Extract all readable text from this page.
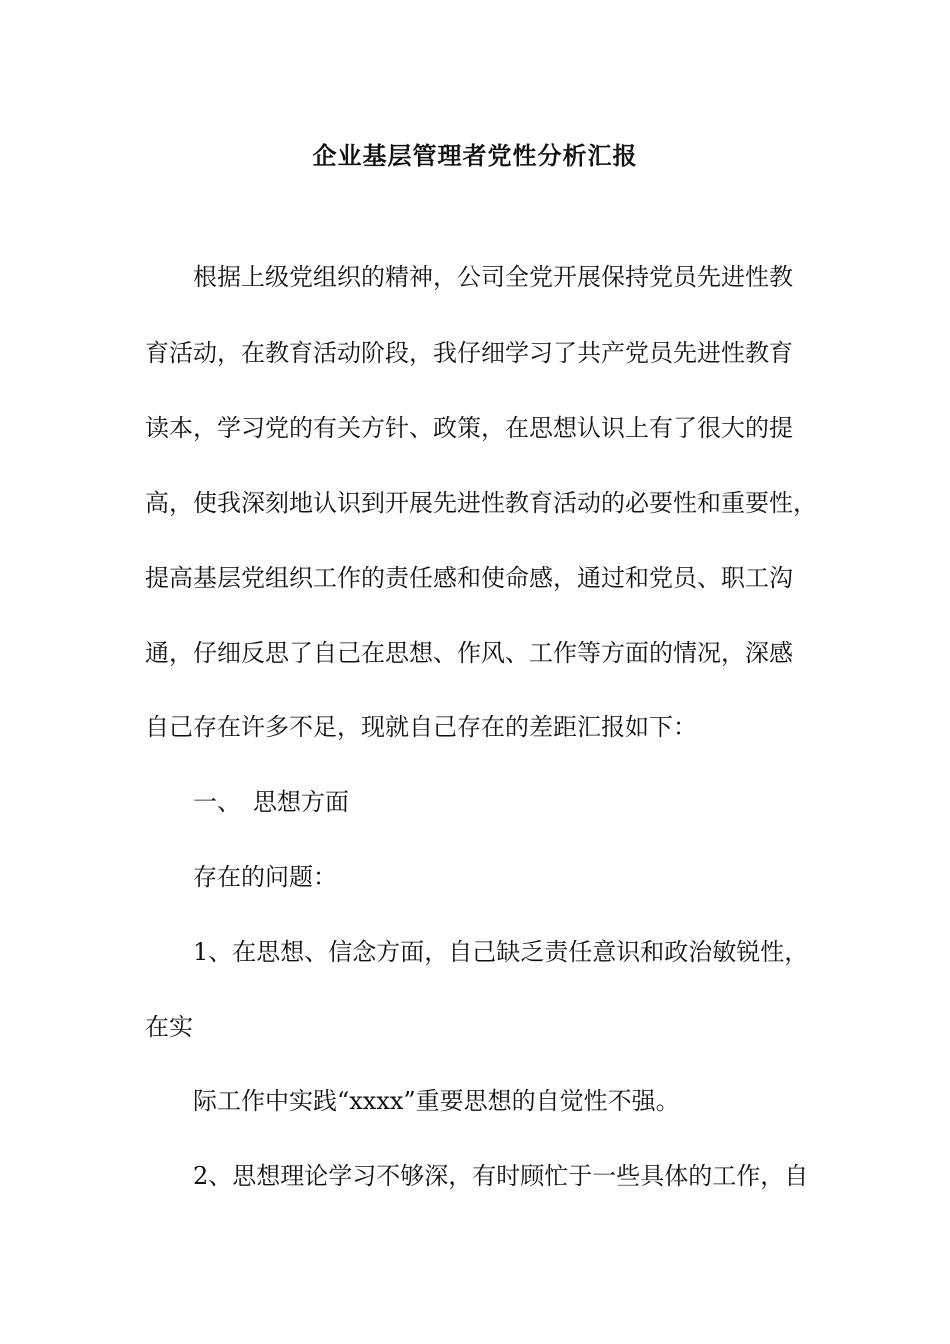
企业基层管理者党性分析汇报
根据上级党组织的精神，公司全党开展保持党员先进性教
育活动，在教育活动阶段，我仔细学习了共产党员先进性教育
读本，学习党的有关方针、政策，在思想认识上有了很大的提
高，使我深刻地认识到开展先进性教育活动的必要性和重要性，
提高基层党组织工作的责任感和使命感，通过和党员、职工沟
通，仔细反思了自己在思想、作风、工作等方面的情况，深感
自己存在许多不足，现就自己存在的差距汇报如下：
一、 思想方面
存在的问题：
1、在思想、信念方面，自己缺乏责任意识和政治敏锐性，
在实
际工作中实践“xxxx”重要思想的自觉性不强。
2、思想理论学习不够深，有时顾忙于一些具体的工作，自
